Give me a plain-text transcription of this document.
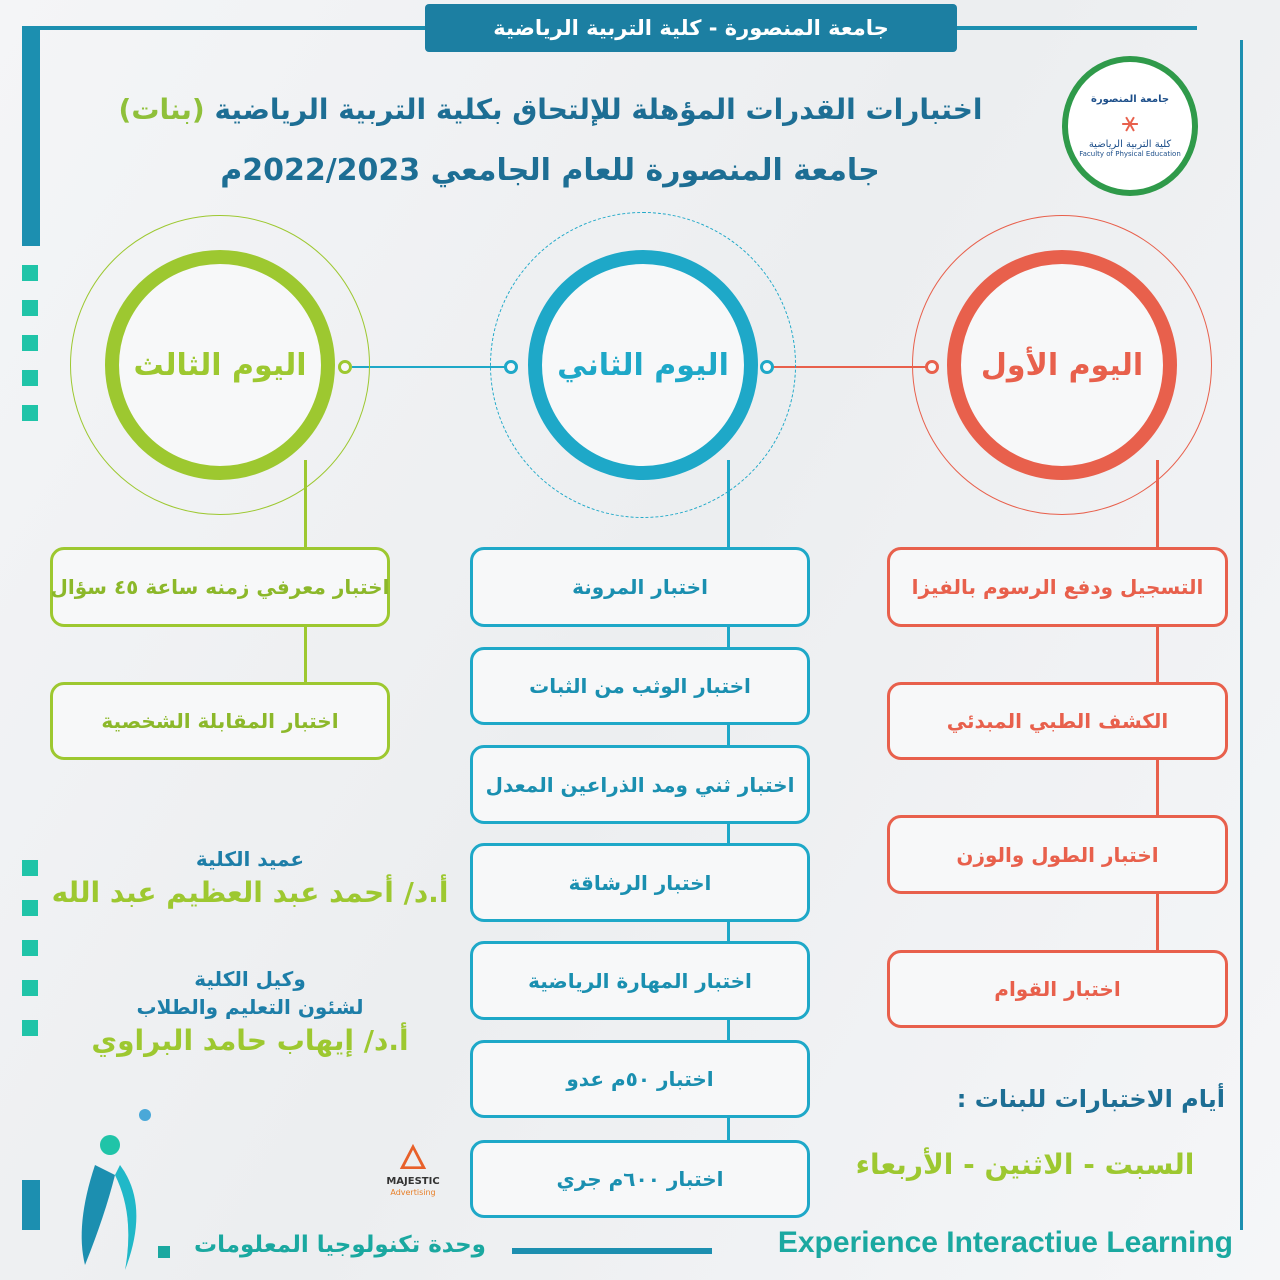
جامعة المنصورة - كلية التربية الرياضية
اختبارات القدرات المؤهلة للإلتحاق بكلية التربية الرياضية (بنات)
جامعة المنصورة للعام الجامعي 2022/2023م
جامعة المنصورة
⚹
كلية التربية الرياضية
Faculty of Physical Education
اليوم الأول
اليوم الثاني
اليوم الثالث
التسجيل ودفع الرسوم بالفيزا
الكشف الطبي المبدئي
اختبار الطول والوزن
اختبار القوام
اختبار المرونة
اختبار الوثب من الثبات
اختبار ثني ومد الذراعين المعدل
اختبار الرشاقة
اختبار المهارة الرياضية
اختبار ٥٠م عدو
اختبار ٦٠٠م جري
اختبار معرفي زمنه ساعة ٤٥ سؤال
اختبار المقابلة الشخصية
عميد الكلية
أ.د/ أحمد عبد العظيم عبد الله
وكيل الكلية
لشئون التعليم والطلاب
أ.د/ إيهاب حامد البراوي
أيام الاختبارات للبنات :
السبت - الاثنين - الأربعاء
🜂
MAJESTIC
Advertising
وحدة تكنولوجيا المعلومات	Experience Interactiue Learning
